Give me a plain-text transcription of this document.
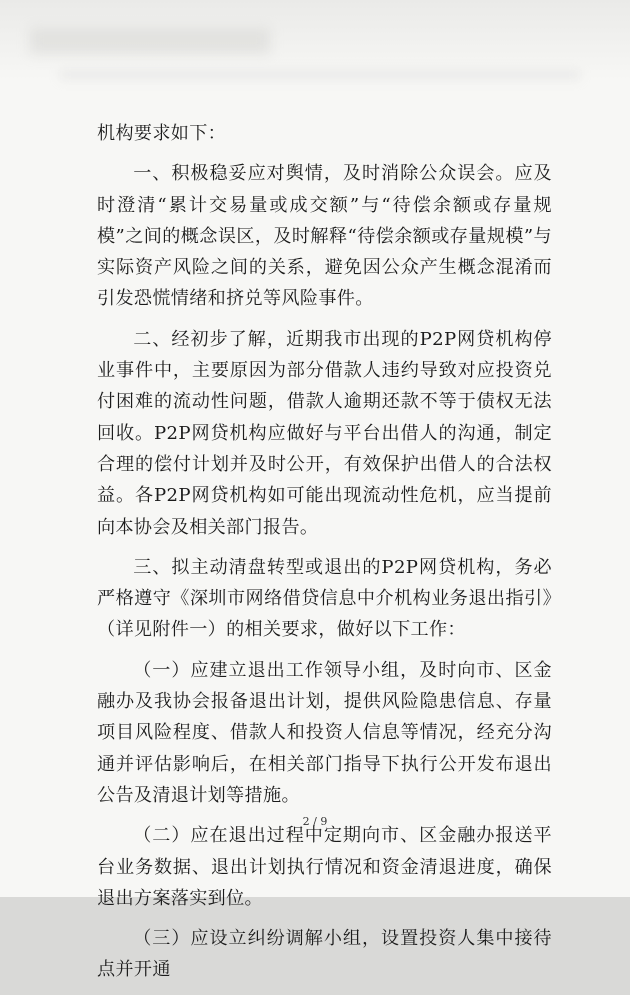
机构要求如下：

一、积极稳妥应对舆情，及时消除公众误会。应及时澄清“累计交易量或成交额”与“待偿余额或存量规模”之间的概念误区，及时解释“待偿余额或存量规模”与实际资产风险之间的关系，避免因公众产生概念混淆而引发恐慌情绪和挤兑等风险事件。

二、经初步了解，近期我市出现的P2P网贷机构停业事件中，主要原因为部分借款人违约导致对应投资兑付困难的流动性问题，借款人逾期还款不等于债权无法回收。P2P网贷机构应做好与平台出借人的沟通，制定合理的偿付计划并及时公开，有效保护出借人的合法权益。各P2P网贷机构如可能出现流动性危机，应当提前向本协会及相关部门报告。

三、拟主动清盘转型或退出的P2P网贷机构，务必严格遵守《深圳市网络借贷信息中介机构业务退出指引》（详见附件一）的相关要求，做好以下工作：

（一）应建立退出工作领导小组，及时向市、区金融办及我协会报备退出计划，提供风险隐患信息、存量项目风险程度、借款人和投资人信息等情况，经充分沟通并评估影响后，在相关部门指导下执行公开发布退出公告及清退计划等措施。

（二）应在退出过程中定期向市、区金融办报送平台业务数据、退出计划执行情况和资金清退进度，确保退出方案落实到位。

（三）应设立纠纷调解小组，设置投资人集中接待点并开通

2 / 9
